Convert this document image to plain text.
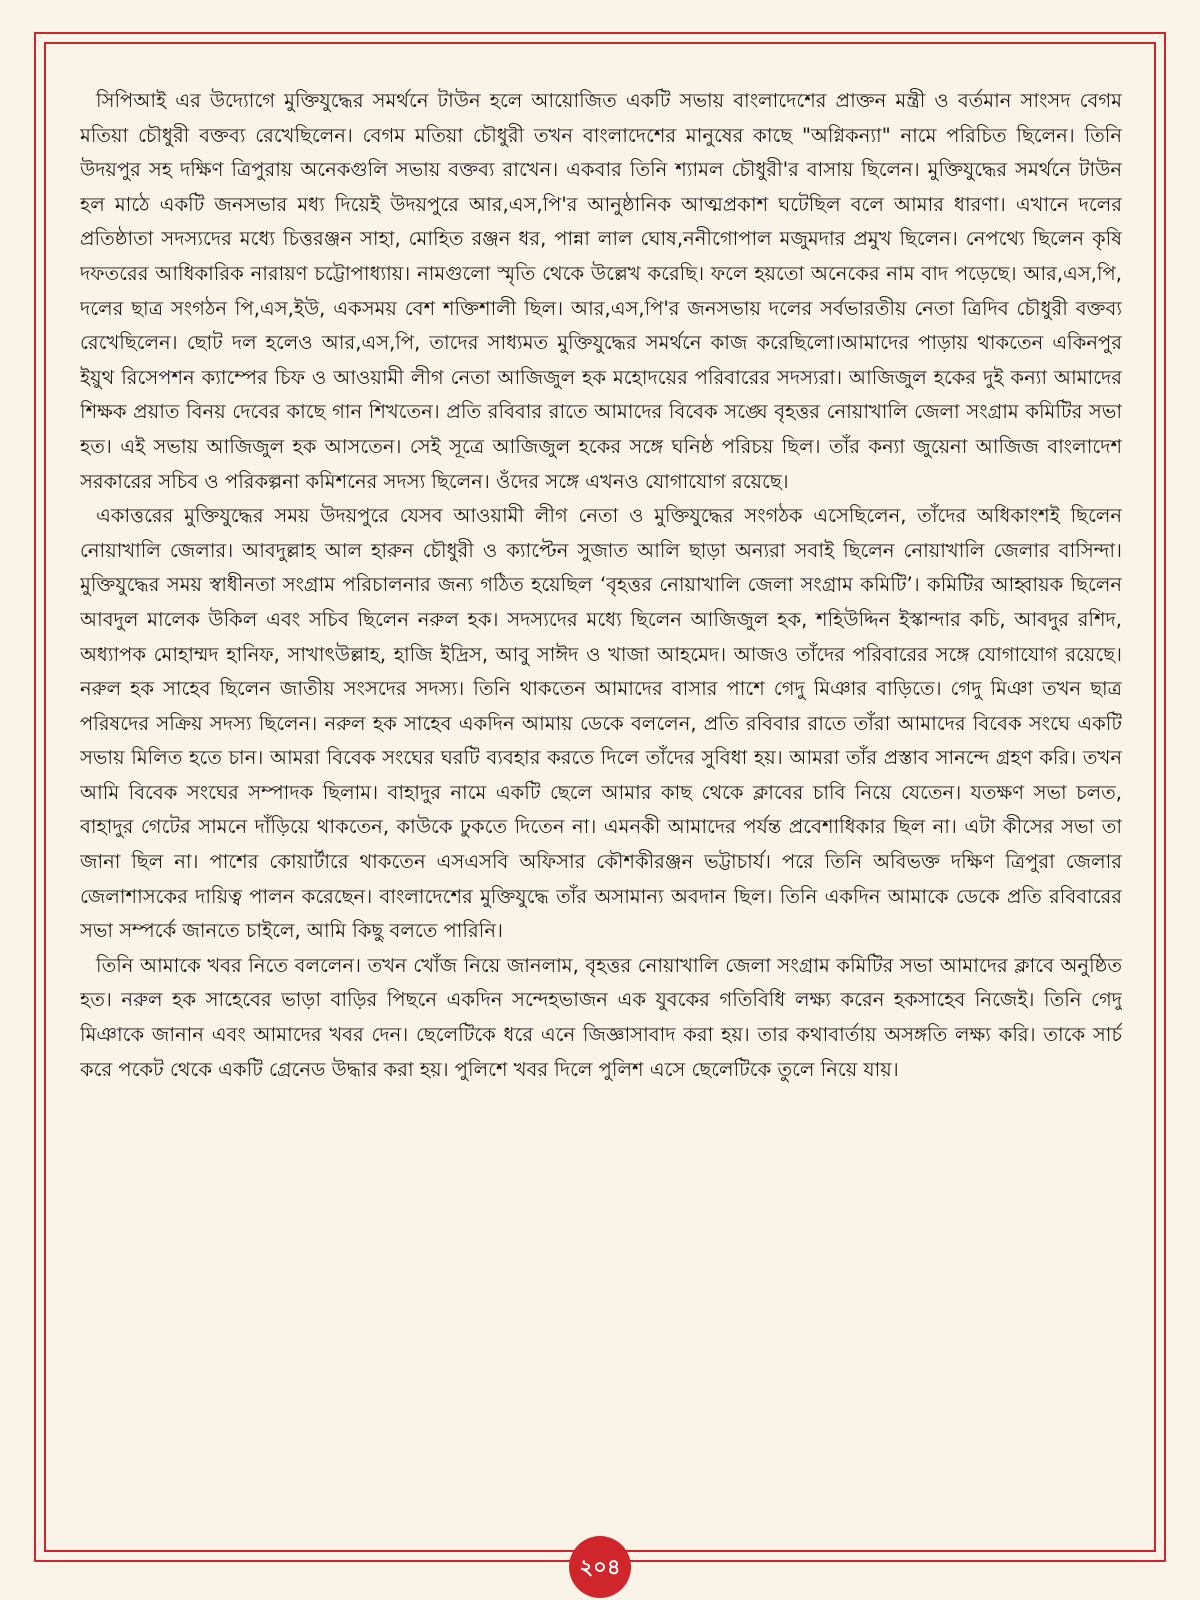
সিপিআই এর উদ্যোগে মুক্তিযুদ্ধের সমর্থনে টাউন হলে আয়োজিত একটি সভায় বাংলাদেশের প্রাক্তন মন্ত্রী ও বর্তমান সাংসদ বেগম মতিয়া চৌধুরী বক্তব্য রেখেছিলেন। বেগম মতিয়া চৌধুরী তখন বাংলাদেশের মানুষের কাছে "অগ্নিকন্যা" নামে পরিচিত ছিলেন। তিনি উদয়পুর সহ দক্ষিণ ত্রিপুরায় অনেকগুলি সভায় বক্তব্য রাখেন। একবার তিনি শ্যামল চৌধুরী'র বাসায় ছিলেন। মুক্তিযুদ্ধের সমর্থনে টাউন হল মাঠে একটি জনসভার মধ্য দিয়েই উদয়পুরে আর,এস,পি'র আনুষ্ঠানিক আত্মপ্রকাশ ঘটেছিল বলে আমার ধারণা। এখানে দলের প্রতিষ্ঠাতা সদস্যদের মধ্যে চিত্তরঞ্জন সাহা, মোহিত রঞ্জন ধর, পান্না লাল ঘোষ,ননীগোপাল মজুমদার প্রমুখ ছিলেন। নেপথ্যে ছিলেন কৃষি দফতরের আধিকারিক নারায়ণ চট্টোপাধ্যায়। নামগুলো স্মৃতি থেকে উল্লেখ করেছি। ফলে হয়তো অনেকের নাম বাদ পড়েছে। আর,এস,পি, দলের ছাত্র সংগঠন পি,এস,ইউ, একসময় বেশ শক্তিশালী ছিল। আর,এস,পি'র জনসভায় দলের সর্বভারতীয় নেতা ত্রিদিব চৌধুরী বক্তব্য রেখেছিলেন। ছোট দল হলেও আর,এস,পি, তাদের সাধ্যমত মুক্তিযুদ্ধের সমর্থনে কাজ করেছিলো।আমাদের পাড়ায় থাকতেন একিনপুর ইয়ুথ রিসেপশন ক্যাম্পের চিফ ও আওয়ামী লীগ নেতা আজিজুল হক মহোদয়ের পরিবারের সদস্যরা। আজিজুল হকের দুই কন্যা আমাদের শিক্ষক প্রয়াত বিনয় দেবের কাছে গান শিখতেন। প্রতি রবিবার রাতে আমাদের বিবেক সঙ্ঘে বৃহত্তর নোয়াখালি জেলা সংগ্রাম কমিটির সভা হত। এই সভায় আজিজুল হক আসতেন। সেই সূত্রে আজিজুল হকের সঙ্গে ঘনিষ্ঠ পরিচয় ছিল। তাঁর কন্যা জুয়েনা আজিজ বাংলাদেশ সরকারের সচিব ও পরিকল্পনা কমিশনের সদস্য ছিলেন। ওঁদের সঙ্গে এখনও যোগাযোগ রয়েছে।

একাত্তরের মুক্তিযুদ্ধের সময় উদয়পুরে যেসব আওয়ামী লীগ নেতা ও মুক্তিযুদ্ধের সংগঠক এসেছিলেন, তাঁদের অধিকাংশই ছিলেন নোয়াখালি জেলার। আবদুল্লাহ আল হারুন চৌধুরী ও ক্যাপ্টেন সুজাত আলি ছাড়া অন্যরা সবাই ছিলেন নোয়াখালি জেলার বাসিন্দা। মুক্তিযুদ্ধের সময় স্বাধীনতা সংগ্রাম পরিচালনার জন্য গঠিত হয়েছিল ‘বৃহত্তর নোয়াখালি জেলা সংগ্রাম কমিটি’। কমিটির আহ্বায়ক ছিলেন আবদুল মালেক উকিল এবং সচিব ছিলেন নরুল হক। সদস্যদের মধ্যে ছিলেন আজিজুল হক, শহিউদ্দিন ইস্কান্দার কচি, আবদুর রশিদ, অধ্যাপক মোহাম্মদ হানিফ, সাখাৎউল্লাহ, হাজি ইদ্রিস, আবু সাঈদ ও খাজা আহমেদ। আজও তাঁদের পরিবারের সঙ্গে যোগাযোগ রয়েছে। নরুল হক সাহেব ছিলেন জাতীয় সংসদের সদস্য। তিনি থাকতেন আমাদের বাসার পাশে গেদু মিঞার বাড়িতে। গেদু মিঞা তখন ছাত্র পরিষদের সক্রিয় সদস্য ছিলেন। নরুল হক সাহেব একদিন আমায় ডেকে বললেন, প্রতি রবিবার রাতে তাঁরা আমাদের বিবেক সংঘে একটি সভায় মিলিত হতে চান। আমরা বিবেক সংঘের ঘরটি ব্যবহার করতে দিলে তাঁদের সুবিধা হয়। আমরা তাঁর প্রস্তাব সানন্দে গ্রহণ করি। তখন আমি বিবেক সংঘের সম্পাদক ছিলাম। বাহাদুর নামে একটি ছেলে আমার কাছ থেকে ক্লাবের চাবি নিয়ে যেতেন। যতক্ষণ সভা চলত, বাহাদুর গেটের সামনে দাঁড়িয়ে থাকতেন, কাউকে ঢুকতে দিতেন না। এমনকী আমাদের পর্যন্ত প্রবেশাধিকার ছিল না। এটা কীসের সভা তা জানা ছিল না। পাশের কোয়ার্টারে থাকতেন এসএসবি অফিসার কৌশকীরঞ্জন ভট্টাচার্য। পরে তিনি অবিভক্ত দক্ষিণ ত্রিপুরা জেলার জেলাশাসকের দায়িত্ব পালন করেছেন। বাংলাদেশের মুক্তিযুদ্ধে তাঁর অসামান্য অবদান ছিল। তিনি একদিন আমাকে ডেকে প্রতি রবিবারের সভা সম্পর্কে জানতে চাইলে, আমি কিছু বলতে পারিনি।

তিনি আমাকে খবর নিতে বললেন। তখন খোঁজ নিয়ে জানলাম, বৃহত্তর নোয়াখালি জেলা সংগ্রাম কমিটির সভা আমাদের ক্লাবে অনুষ্ঠিত হত। নরুল হক সাহেবের ভাড়া বাড়ির পিছনে একদিন সন্দেহভাজন এক যুবকের গতিবিধি লক্ষ্য করেন হকসাহেব নিজেই। তিনি গেদু মিঞাকে জানান এবং আমাদের খবর দেন। ছেলেটিকে ধরে এনে জিজ্ঞাসাবাদ করা হয়। তার কথাবার্তায় অসঙ্গতি লক্ষ্য করি। তাকে সার্চ করে পকেট থেকে একটি গ্রেনেড উদ্ধার করা হয়। পুলিশে খবর দিলে পুলিশ এসে ছেলেটিকে তুলে নিয়ে যায়।

২০৪
